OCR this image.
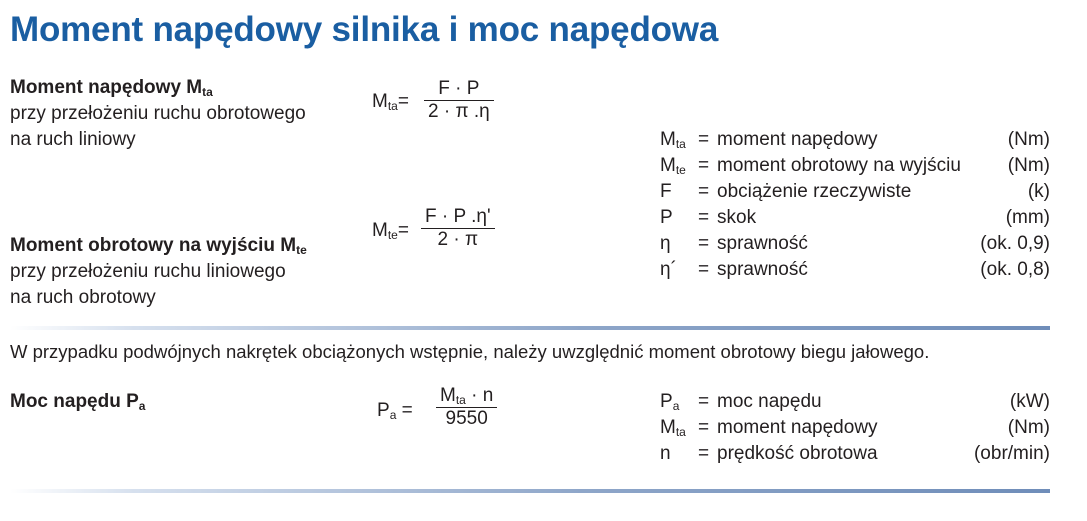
Moment napędowy silnika i moc napędowa
Moment napędowy $M_{ta}$
przy przełożeniu ruchu obrotowego
na ruch liniowy
$M_{ta}= \frac{F \cdot P}{2 \cdot \pi .\eta}$
$M_{te}= \frac{F \cdot P .\eta'}{2 \cdot \pi}$
Moment obrotowy na wyjściu $M_{te}$
przy przełożeniu ruchu liniowego
na ruch obrotowy
$M_{ta}$ = moment napędowy	(Nm)
$M_{te}$ = moment obrotowy na wyjściu (Nm)
F = obciążenie rzeczywiste	(k)
P = skok	(mm)
η = sprawność	(ok. 0,9)
η´ = sprawność	(ok. 0,8)
W przypadku podwójnych nakrętek obciążonych wstępnie, należy uwzględnić moment obrotowy biegu jałowego.
Moc napędu $P_a$	$P_a$ =
$M_{ta} \cdot n$
9550
$P_a$ = moc napędu	(kW)
$M_{ta}$ = moment napędowy	(Nm)
n = prędkość obrotowa	(obr/min)
